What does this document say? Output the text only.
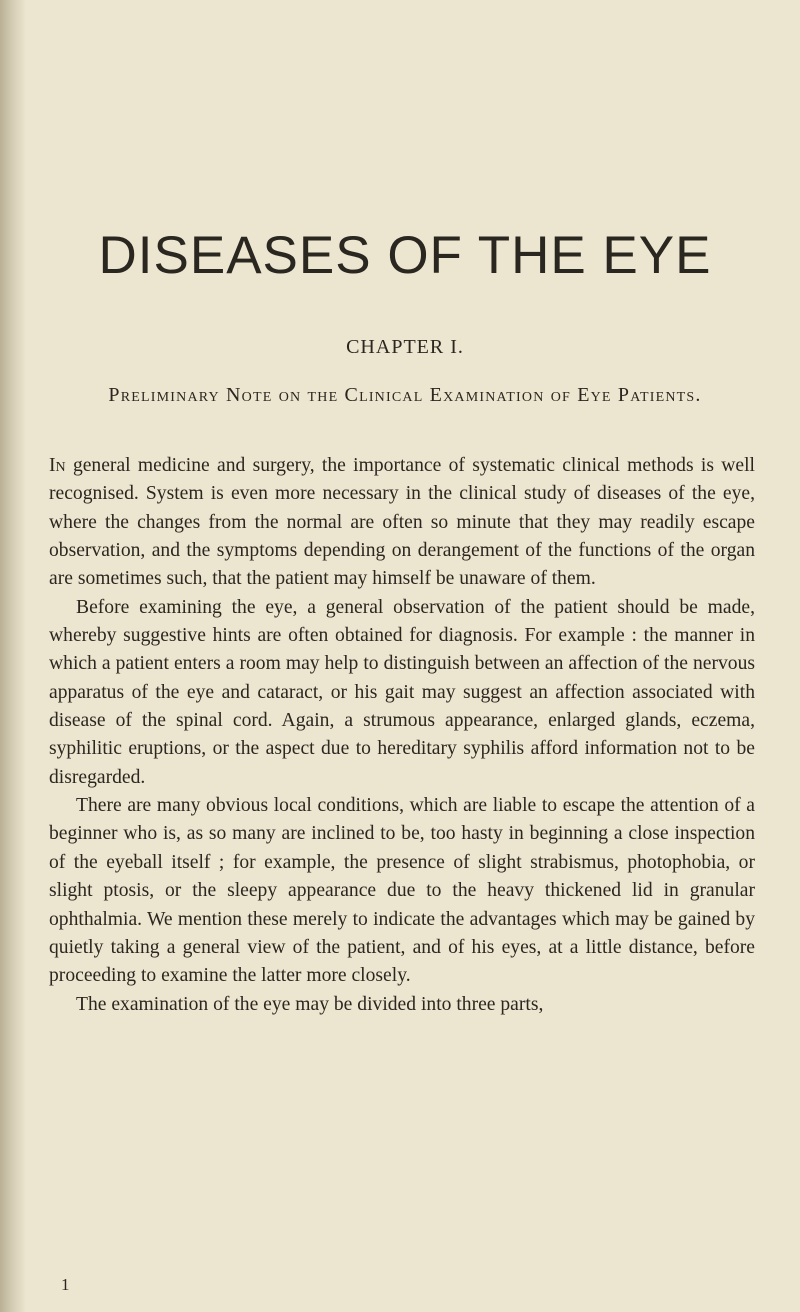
DISEASES OF THE EYE
CHAPTER I.
Preliminary Note on the Clinical Examination of Eye Patients.

In general medicine and surgery, the importance of systematic clinical methods is well recognised. System is even more necessary in the clinical study of diseases of the eye, where the changes from the normal are often so minute that they may readily escape observation, and the symptoms depending on derangement of the functions of the organ are sometimes such, that the patient may himself be unaware of them.

Before examining the eye, a general observation of the patient should be made, whereby suggestive hints are often obtained for diagnosis. For example : the manner in which a patient enters a room may help to distinguish between an affection of the nervous apparatus of the eye and cataract, or his gait may suggest an affection associated with disease of the spinal cord. Again, a strumous appearance, enlarged glands, eczema, syphilitic eruptions, or the aspect due to hereditary syphilis afford information not to be disregarded.

There are many obvious local conditions, which are liable to escape the attention of a beginner who is, as so many are inclined to be, too hasty in beginning a close inspection of the eyeball itself ; for example, the presence of slight strabismus, photophobia, or slight ptosis, or the sleepy appearance due to the heavy thickened lid in granular ophthalmia. We mention these merely to indicate the advantages which may be gained by quietly taking a general view of the patient, and of his eyes, at a little distance, before proceeding to examine the latter more closely.

The examination of the eye may be divided into three parts,

1
